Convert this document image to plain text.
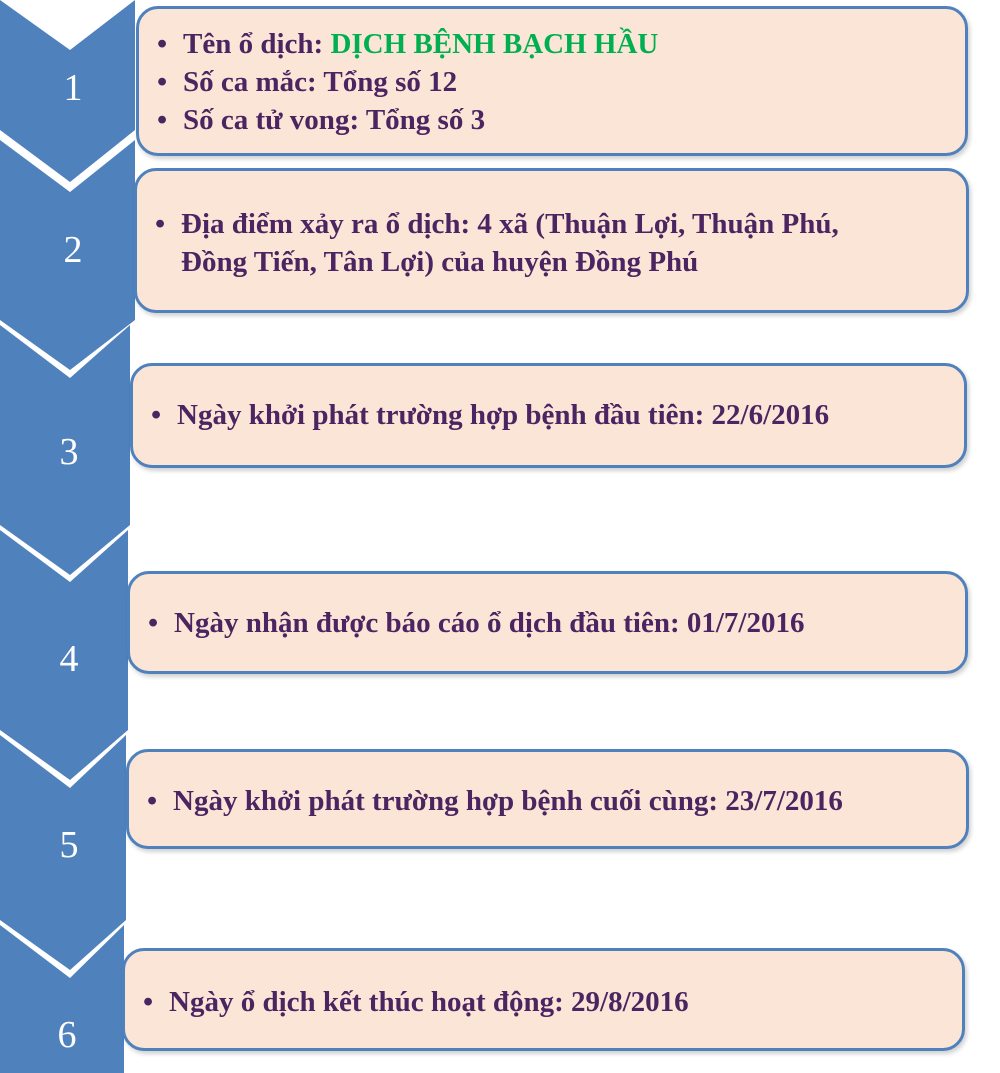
1
2
3
4
5
6
• Tên ổ dịch: DỊCH BỆNH BẠCH HẦU
• Số ca mắc: Tổng số 12
• Số ca tử vong: Tổng số 3
• Địa điểm xảy ra ổ dịch: 4 xã (Thuận Lợi, Thuận Phú,
Đồng Tiến, Tân Lợi) của huyện Đồng Phú
• Ngày khởi phát trường hợp bệnh đầu tiên: 22/6/2016
• Ngày nhận được báo cáo ổ dịch đầu tiên: 01/7/2016
• Ngày khởi phát trường hợp bệnh cuối cùng: 23/7/2016
• Ngày ổ dịch kết thúc hoạt động: 29/8/2016
